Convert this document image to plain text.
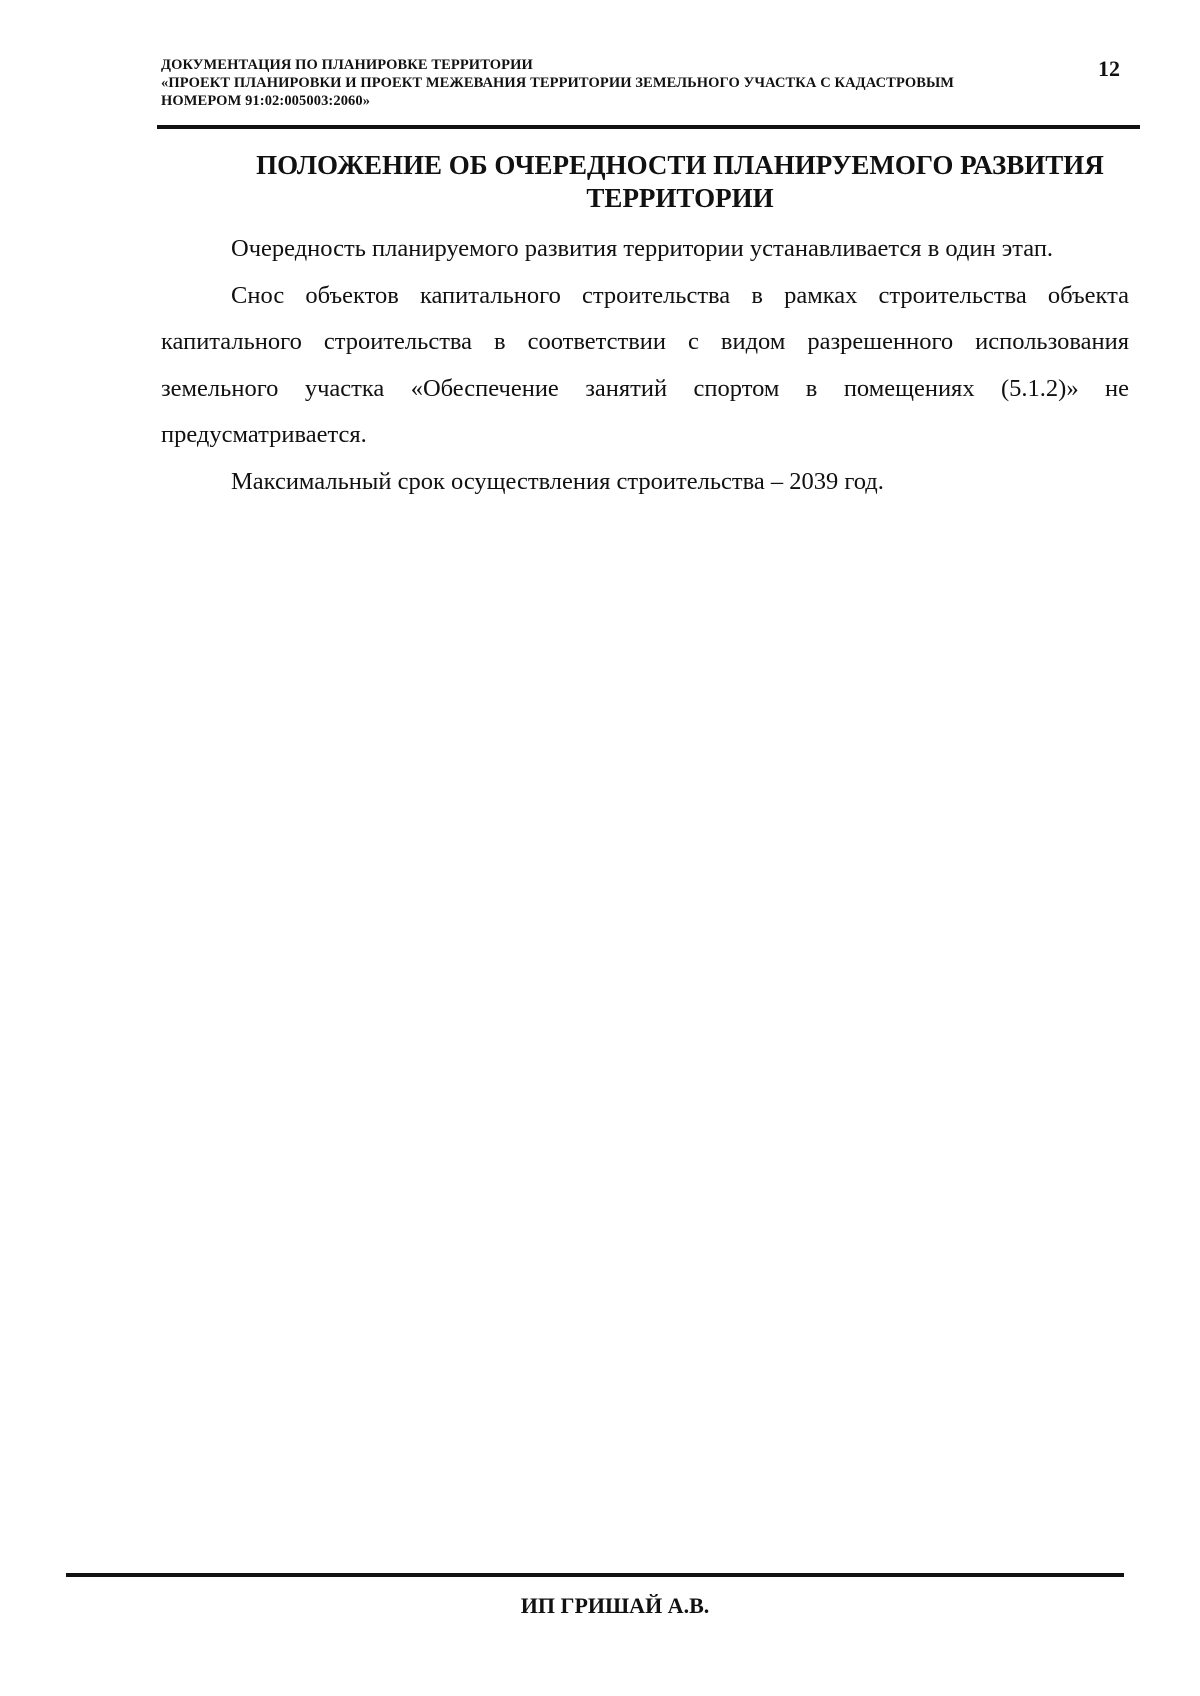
ДОКУМЕНТАЦИЯ ПО ПЛАНИРОВКЕ ТЕРРИТОРИИ
«ПРОЕКТ ПЛАНИРОВКИ И ПРОЕКТ МЕЖЕВАНИЯ ТЕРРИТОРИИ ЗЕМЕЛЬНОГО УЧАСТКА С КАДАСТРОВЫМ
НОМЕРОМ 91:02:005003:2060»
12
ПОЛОЖЕНИЕ ОБ ОЧЕРЕДНОСТИ ПЛАНИРУЕМОГО РАЗВИТИЯ
ТЕРРИТОРИИ

Очередность планируемого развития территории устанавливается в один этап.

Снос объектов капитального строительства в рамках строительства объекта капитального строительства в соответствии с видом разрешенного использования земельного участка «Обеспечение занятий спортом в помещениях (5.1.2)» не предусматривается.

Максимальный срок осуществления строительства – 2039 год.

ИП ГРИШАЙ А.В.
